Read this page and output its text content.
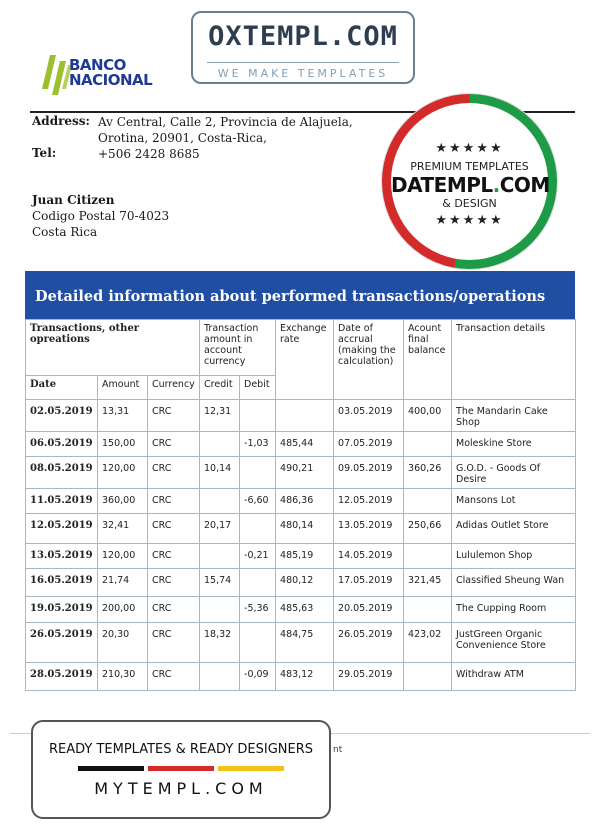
OXTEMPL.COM
WE MAKE TEMPLATES
BANCO
NACIONAL
Address: Av Central, Calle 2, Provincia de Alajuela,
Orotina, 20901, Costa-Rica,
+506 2428 8685
Tel:
Juan Citizen
Codigo Postal 70-4023
Costa Rica
★★★★★
PREMIUM TEMPLATES
DATEMPL.COM
& DESIGN
★★★★★
Detailed information about performed transactions/operations
Transactions, other opreations			Transaction amount in account currency		Exchange rate	Date of accrual (making the calculation)	Acount final balance	Transaction details
Date	Amount	Currency	Credit	Debit				
02.05.2019	13,31	CRC	12,31			03.05.2019	400,00	The Mandarin Cake Shop
06.05.2019	150,00	CRC		-1,03	485,44	07.05.2019		Moleskine Store
08.05.2019	120,00	CRC	10,14		490,21	09.05.2019	360,26	G.O.D. - Goods Of Desire
11.05.2019	360,00	CRC		-6,60	486,36	12.05.2019		Mansons Lot
12.05.2019	32,41	CRC	20,17		480,14	13.05.2019	250,66	Adidas Outlet Store
13.05.2019	120,00	CRC		-0,21	485,19	14.05.2019		Lululemon Shop
16.05.2019	21,74	CRC	15,74		480,12	17.05.2019	321,45	Classified Sheung Wan
19.05.2019	200,00	CRC		-5,36	485,63	20.05.2019		The Cupping Room
26.05.2019	20,30	CRC	18,32		484,75	26.05.2019	423,02	JustGreen Organic Convenience Store
28.05.2019	210,30	CRC		-0,09	483,12	29.05.2019		Withdraw ATM
nt
READY TEMPLATES & READY DESIGNERS
MYTEMPL.COM
